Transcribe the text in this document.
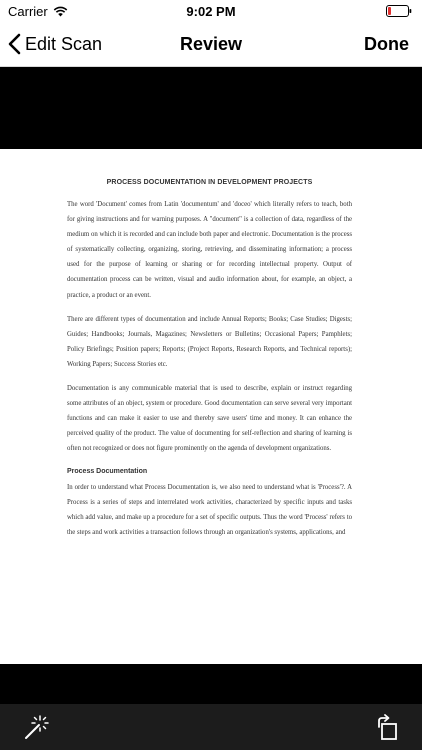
Carrier	9:02 PM
Edit Scan	Review	Done
PROCESS DOCUMENTATION IN DEVELOPMENT PROJECTS

The word 'Document' comes from Latin 'documentum' and 'doceo' which literally refers to teach, both for giving instructions and for warning purposes. A "document" is a collection of data, regardless of the medium on which it is recorded and can include both paper and electronic. Documentation is the process of systematically collecting, organizing, storing, retrieving, and disseminating information; a process used for the purpose of learning or sharing or for recording intellectual property. Output of documentation process can be written, visual and audio information about, for example, an object, a practice, a product or an event.

There are different types of documentation and include Annual Reports; Books; Case Studies; Digests; Guides; Handbooks; Journals, Magazines; Newsletters or Bulletins; Occasional Papers; Pamphlets; Policy Briefings; Position papers; Reports; (Project Reports, Research Reports, and Technical reports); Working Papers; Success Stories etc.

Documentation is any communicable material that is used to describe, explain or instruct regarding some attributes of an object, system or procedure. Good documentation can serve several very important functions and can make it easier to use and thereby save users' time and money. It can enhance the perceived quality of the product. The value of documenting for self-reflection and sharing of learning is often not recognized or does not figure prominently on the agenda of development organizations.

Process Documentation

In order to understand what Process Documentation is, we also need to understand what is 'Process'?. A Process is a series of steps and interrelated work activities, characterized by specific inputs and tasks which add value, and make up a procedure for a set of specific outputs. Thus the word 'Process' refers to the steps and work activities a transaction follows through an organization's systems, applications, and
